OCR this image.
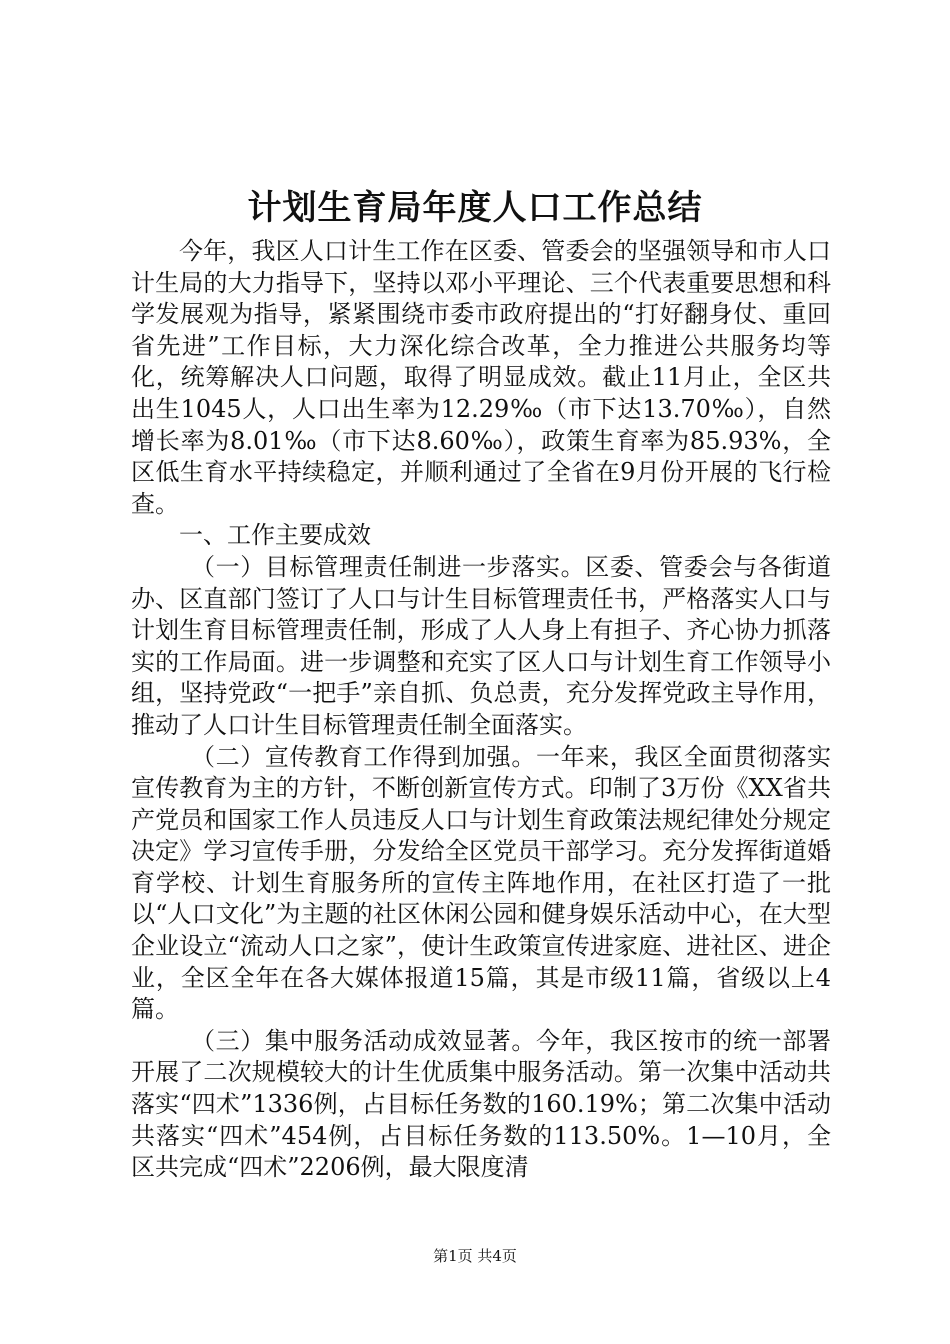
计划生育局年度人口工作总结

今年，我区人口计生工作在区委、管委会的坚强领导和市人口计生局的大力指导下，坚持以邓小平理论、三个代表重要思想和科学发展观为指导，紧紧围绕市委市政府提出的“打好翻身仗、重回省先进”工作目标，大力深化综合改革，全力推进公共服务均等化，统筹解决人口问题，取得了明显成效。截止11月止，全区共出生1045人，人口出生率为12.29‰（市下达13.70‰），自然增长率为8.01‰（市下达8.60‰），政策生育率为85.93%，全区低生育水平持续稳定，并顺利通过了全省在9月份开展的飞行检查。

一、工作主要成效

（一）目标管理责任制进一步落实。区委、管委会与各街道办、区直部门签订了人口与计生目标管理责任书，严格落实人口与计划生育目标管理责任制，形成了人人身上有担子、齐心协力抓落实的工作局面。进一步调整和充实了区人口与计划生育工作领导小组，坚持党政“一把手”亲自抓、负总责，充分发挥党政主导作用，推动了人口计生目标管理责任制全面落实。

（二）宣传教育工作得到加强。一年来，我区全面贯彻落实宣传教育为主的方针，不断创新宣传方式。印制了3万份《XX省共产党员和国家工作人员违反人口与计划生育政策法规纪律处分规定决定》学习宣传手册，分发给全区党员干部学习。充分发挥街道婚育学校、计划生育服务所的宣传主阵地作用，在社区打造了一批以“人口文化”为主题的社区休闲公园和健身娱乐活动中心，在大型企业设立“流动人口之家”，使计生政策宣传进家庭、进社区、进企业，全区全年在各大媒体报道15篇，其是市级11篇，省级以上4篇。

（三）集中服务活动成效显著。今年，我区按市的统一部署开展了二次规模较大的计生优质集中服务活动。第一次集中活动共落实“四术”1336例，占目标任务数的160.19%；第二次集中活动共落实“四术”454例，占目标任务数的113.50%。1—10月，全区共完成“四术”2206例，最大限度清

第1页 共4页
